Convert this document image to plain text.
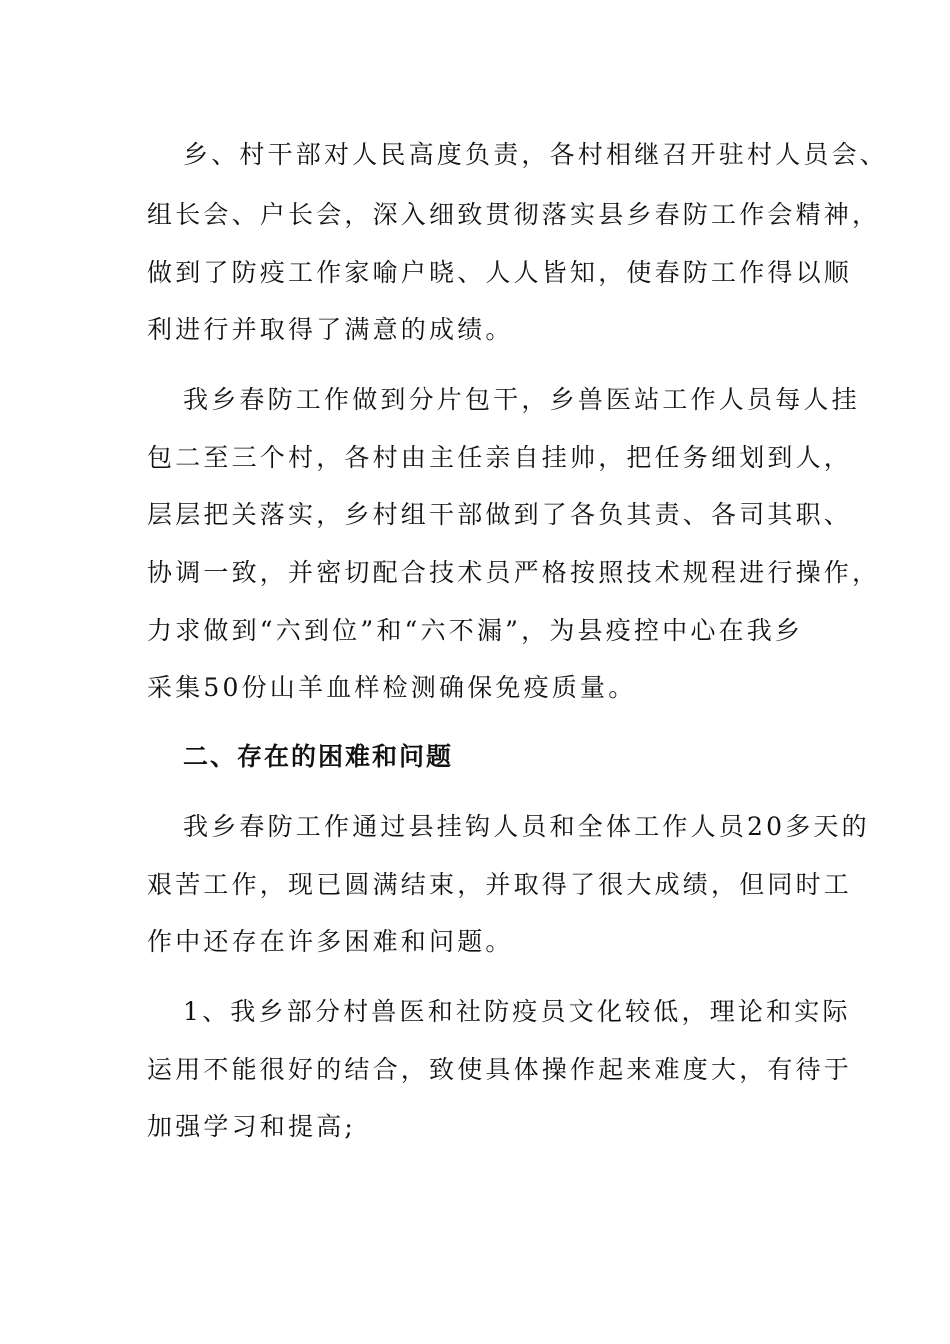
乡、村干部对人民高度负责，各村相继召开驻村人员会、
组长会、户长会，深入细致贯彻落实县乡春防工作会精神，
做到了防疫工作家喻户晓、人人皆知，使春防工作得以顺
利进行并取得了满意的成绩。
我乡春防工作做到分片包干，乡兽医站工作人员每人挂
包二至三个村，各村由主任亲自挂帅，把任务细划到人，
层层把关落实，乡村组干部做到了各负其责、各司其职、
协调一致，并密切配合技术员严格按照技术规程进行操作，
力求做到“六到位”和“六不漏”，为县疫控中心在我乡
采集50份山羊血样检测确保免疫质量。
二、存在的困难和问题
我乡春防工作通过县挂钩人员和全体工作人员20多天的
艰苦工作，现已圆满结束，并取得了很大成绩，但同时工
作中还存在许多困难和问题。
1、我乡部分村兽医和社防疫员文化较低，理论和实际
运用不能很好的结合，致使具体操作起来难度大，有待于
加强学习和提高;
